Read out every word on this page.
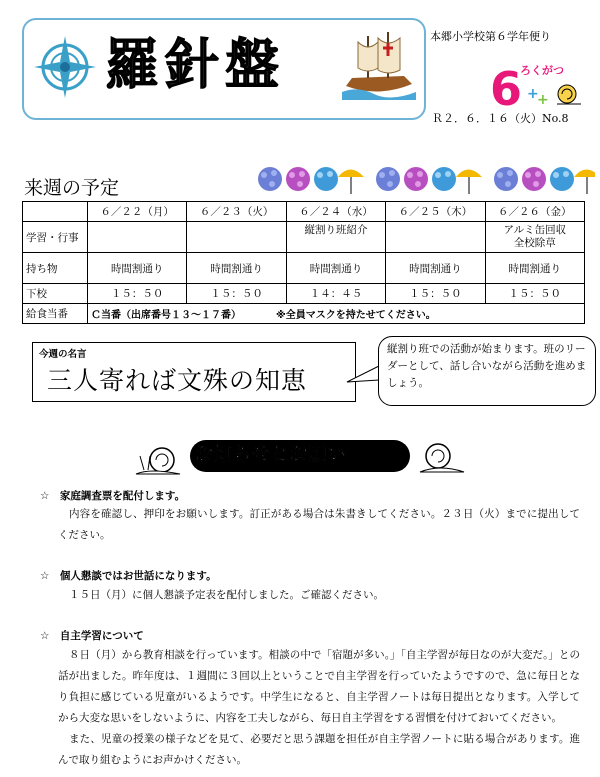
羅針盤	本郷小学校第６学年便り
6
ろくがつ
+
+
Ｒ２．６．１６（火）No.8
来週の予定
	６／２２（月）	６／２３（火）	６／２４（水）	６／２５（木）	６／２６（金）
学習・行事			縦割り班紹介		アルミ缶回収
全校除草
持ち物	時間割通り	時間割通り	時間割通り	時間割通り	時間割通り
下校	１５：５０	１５：５０	１４：４５	１５：５０	１５：５０
給食当番	Ｃ当番（出席番号１３～１７番）　　　　※全員マスクを持たせてください。				
今週の名言
三人寄れば文殊の知恵
縦割り班での活動が始まります。班のリーダーとして、話し合いながら活動を進めましょう。
お知らせとお願い
☆　家庭調査票を配付します。
内容を確認し、押印をお願いします。訂正がある場合は朱書きしてください。２３日（火）までに提出してください。
☆　個人懇談ではお世話になります。
１５日（月）に個人懇談予定表を配付しました。ご確認ください。
☆　自主学習について
８日（月）から教育相談を行っています。相談の中で「宿題が多い。」「自主学習が毎日なのが大変だ。」との話が出ました。昨年度は、１週間に３回以上ということで自主学習を行っていたようですので、急に毎日となり負担に感じている児童がいるようです。中学生になると、自主学習ノートは毎日提出となります。入学してから大変な思いをしないように、内容を工夫しながら、毎日自主学習をする習慣を付けておいてください。
また、児童の授業の様子などを見て、必要だと思う課題を担任が自主学習ノートに貼る場合があります。進んで取り組むようにお声かけください。
